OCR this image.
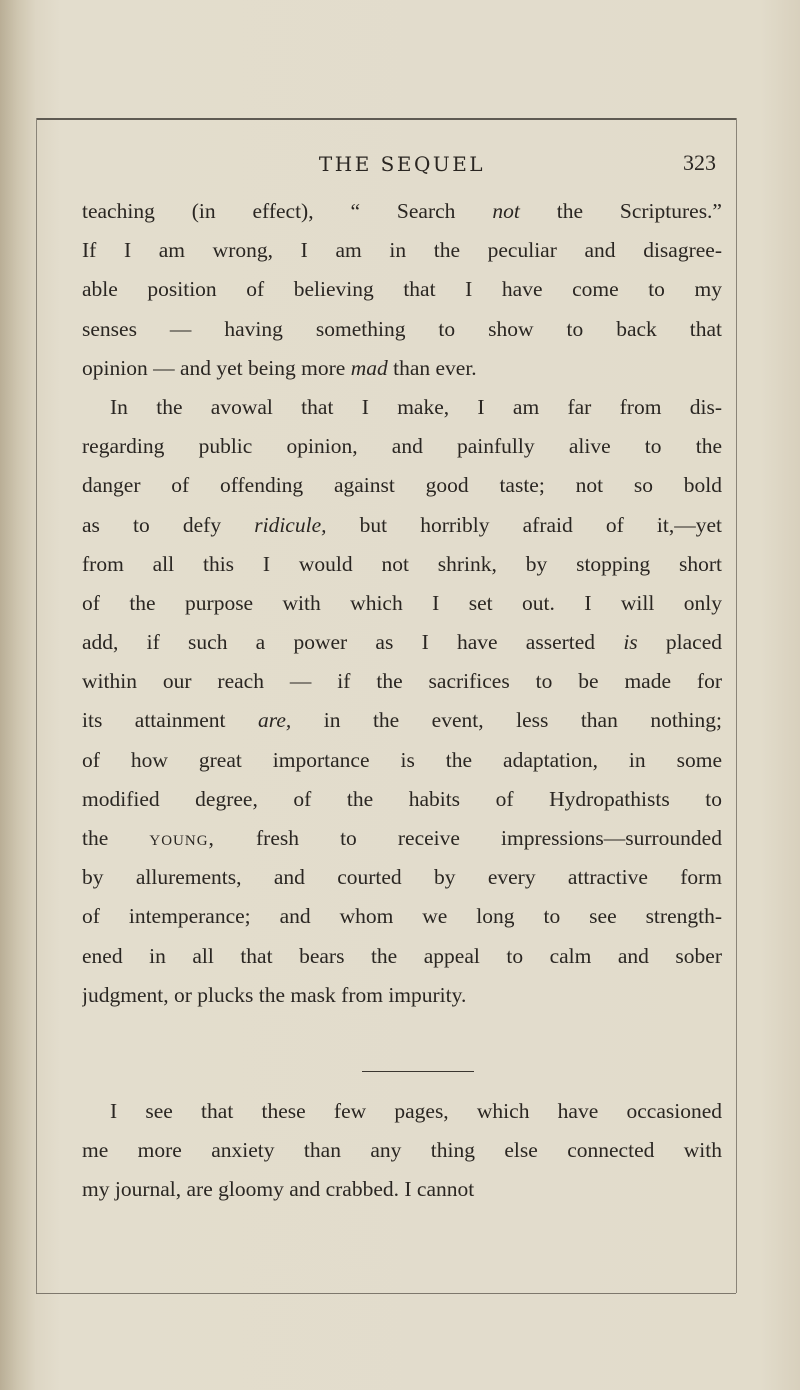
THE SEQUEL	323
teaching (in effect), “ Search not the Scriptures.”
If I am wrong, I am in the peculiar and disagree-
able position of believing that I have come to my
senses — having something to show to back that
opinion — and yet being more mad than ever.
In the avowal that I make, I am far from dis-
regarding public opinion, and painfully alive to the
danger of offending against good taste; not so bold
as to defy ridicule, but horribly afraid of it,—yet
from all this I would not shrink, by stopping short
of the purpose with which I set out. I will only
add, if such a power as I have asserted is placed
within our reach — if the sacrifices to be made for
its attainment are, in the event, less than nothing;
of how great importance is the adaptation, in some
modified degree, of the habits of Hydropathists to
the young, fresh to receive impressions—surrounded
by allurements, and courted by every attractive form
of intemperance; and whom we long to see strength-
ened in all that bears the appeal to calm and sober
judgment, or plucks the mask from impurity.
I see that these few pages, which have occasioned
me more anxiety than any thing else connected with
my journal, are gloomy and crabbed. I cannot
